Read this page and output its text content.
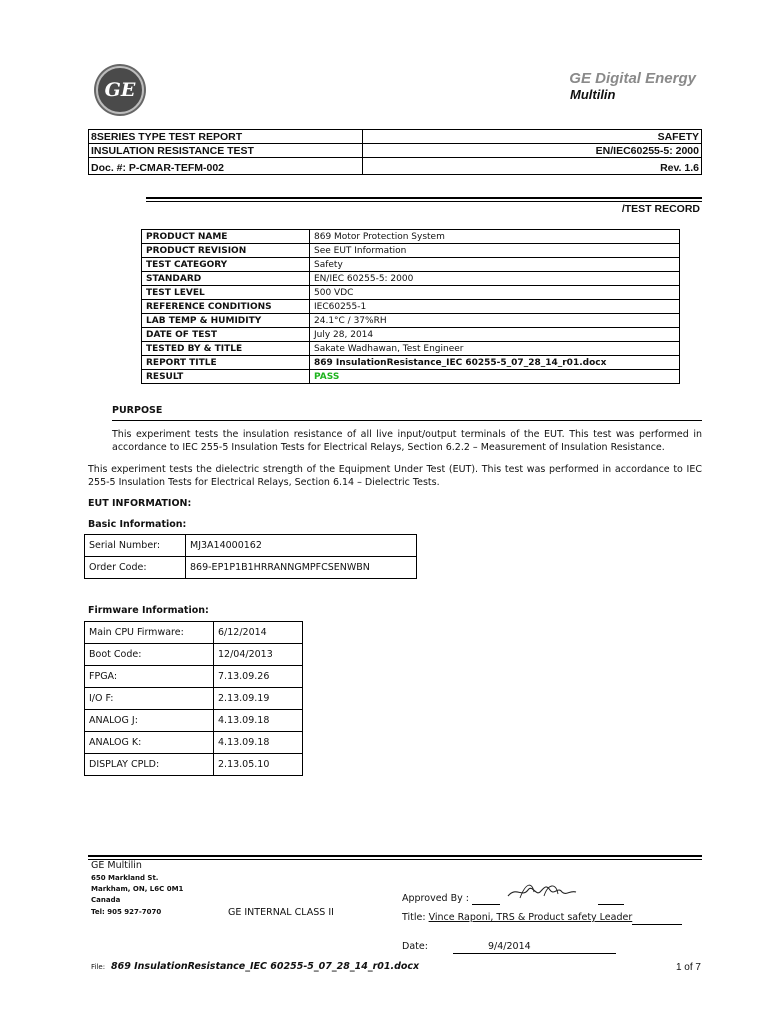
GE
GE Digital Energy
Multilin
8SERIES TYPE TEST REPORT	SAFETY
INSULATION RESISTANCE TEST	EN/IEC60255-5: 2000
Doc. #: P-CMAR-TEFM-002	Rev. 1.6
/TEST RECORD
PRODUCT NAME	869 Motor Protection System
PRODUCT REVISION	See EUT Information
TEST CATEGORY	Safety
STANDARD	EN/IEC 60255-5: 2000
TEST LEVEL	500 VDC
REFERENCE CONDITIONS	IEC60255-1
LAB TEMP & HUMIDITY	24.1°C / 37%RH
DATE OF TEST	July 28, 2014
TESTED BY & TITLE	Sakate Wadhawan, Test Engineer
REPORT TITLE	869 InsulationResistance_IEC 60255-5_07_28_14_r01.docx
RESULT	PASS
PURPOSE
This experiment tests the insulation resistance of all live input/output terminals of the EUT. This test was performed in accordance to IEC 255-5 Insulation Tests for Electrical Relays, Section 6.2.2 – Measurement of Insulation Resistance.
This experiment tests the dielectric strength of the Equipment Under Test (EUT). This test was performed in accordance to IEC 255-5 Insulation Tests for Electrical Relays, Section 6.14 – Dielectric Tests.
EUT INFORMATION:
Basic Information:
Serial Number:	MJ3A14000162
Order Code:	869-EP1P1B1HRRANNGMPFCSENWBN
Firmware Information:
Main CPU Firmware:	6/12/2014
Boot Code:	12/04/2013
FPGA:	7.13.09.26
I/O F:	2.13.09.19
ANALOG J:	4.13.09.18
ANALOG K:	4.13.09.18
DISPLAY CPLD:	2.13.05.10
GE Multilin
650 Markland St.
Markham, ON, L6C 0M1
Canada
Tel: 905 927-7070	GE INTERNAL CLASS II
Approved By :
Title: Vince Raponi, TRS & Product safety Leader
Date:	9/4/2014
File: 869 InsulationResistance_IEC 60255-5_07_28_14_r01.docx	1 of 7
